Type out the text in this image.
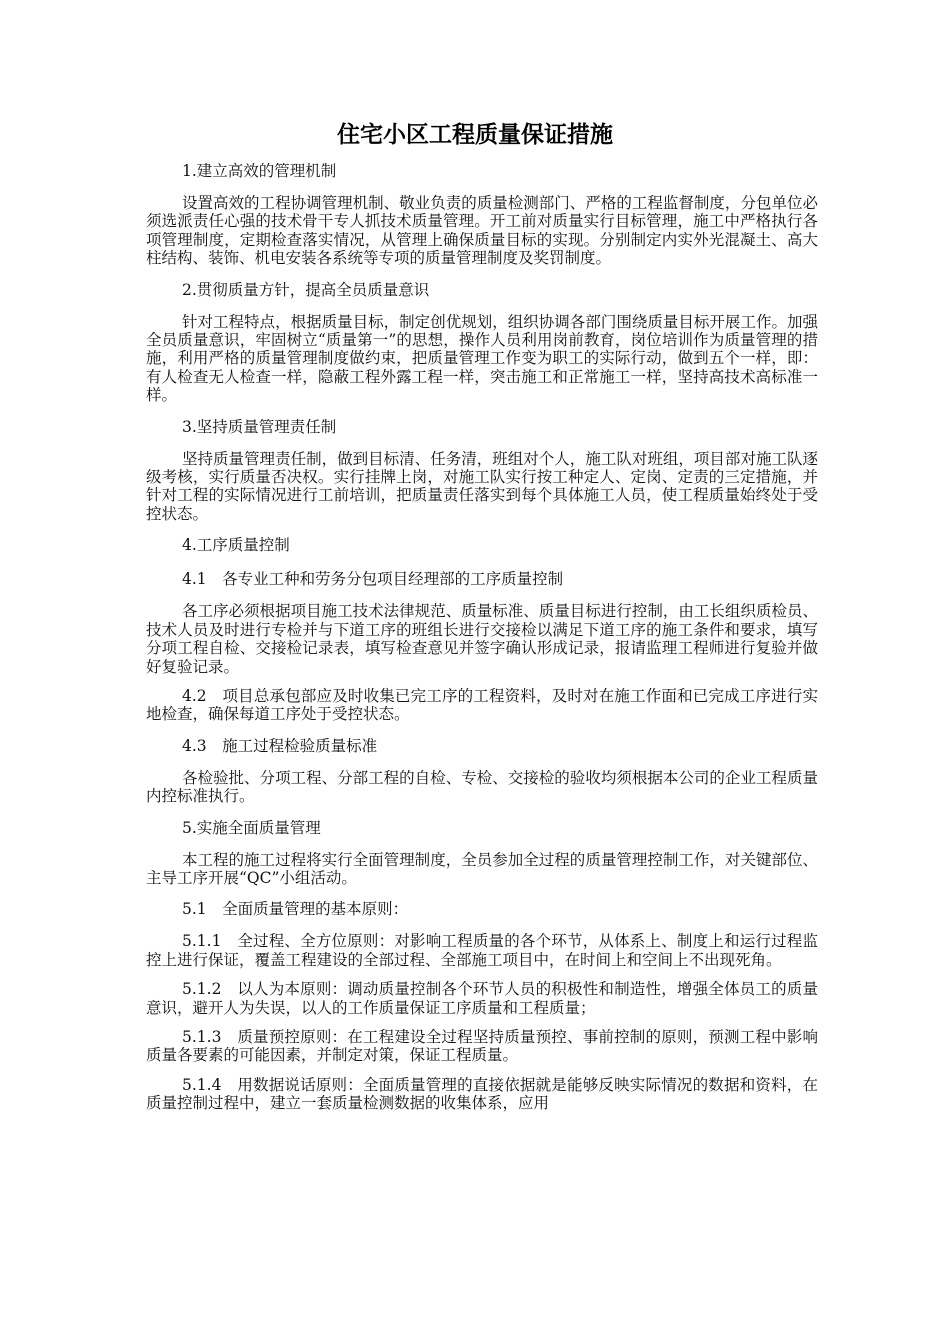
住宅小区工程质量保证措施

1.建立高效的管理机制

设置高效的工程协调管理机制、敬业负责的质量检测部门、严格的工程监督制度，分包单位必须选派责任心强的技术骨干专人抓技术质量管理。开工前对质量实行目标管理，施工中严格执行各项管理制度，定期检查落实情况，从管理上确保质量目标的实现。分别制定内实外光混凝土、高大柱结构、装饰、机电安装各系统等专项的质量管理制度及奖罚制度。

2.贯彻质量方针，提高全员质量意识

针对工程特点，根据质量目标，制定创优规划，组织协调各部门围绕质量目标开展工作。加强全员质量意识，牢固树立“质量第一”的思想，操作人员利用岗前教育，岗位培训作为质量管理的措施，利用严格的质量管理制度做约束，把质量管理工作变为职工的实际行动，做到五个一样，即：有人检查无人检查一样，隐蔽工程外露工程一样，突击施工和正常施工一样，坚持高技术高标准一样。

3.坚持质量管理责任制

坚持质量管理责任制，做到目标清、任务清，班组对个人，施工队对班组，项目部对施工队逐级考核，实行质量否决权。实行挂牌上岗，对施工队实行按工种定人、定岗、定责的三定措施，并针对工程的实际情况进行工前培训，把质量责任落实到每个具体施工人员，使工程质量始终处于受控状态。

4.工序质量控制

4.1　各专业工种和劳务分包项目经理部的工序质量控制

各工序必须根据项目施工技术法律规范、质量标准、质量目标进行控制，由工长组织质检员、技术人员及时进行专检并与下道工序的班组长进行交接检以满足下道工序的施工条件和要求，填写分项工程自检、交接检记录表，填写检查意见并签字确认形成记录，报请监理工程师进行复验并做好复验记录。

4.2　项目总承包部应及时收集已完工序的工程资料，及时对在施工作面和已完成工序进行实地检查，确保每道工序处于受控状态。

4.3　施工过程检验质量标准

各检验批、分项工程、分部工程的自检、专检、交接检的验收均须根据本公司的企业工程质量内控标准执行。

5.实施全面质量管理

本工程的施工过程将实行全面管理制度，全员参加全过程的质量管理控制工作，对关键部位、主导工序开展“QC”小组活动。

5.1　全面质量管理的基本原则：

5.1.1　全过程、全方位原则：对影响工程质量的各个环节，从体系上、制度上和运行过程监控上进行保证，覆盖工程建设的全部过程、全部施工项目中，在时间上和空间上不出现死角。

5.1.2　以人为本原则：调动质量控制各个环节人员的积极性和制造性，增强全体员工的质量意识，避开人为失误，以人的工作质量保证工序质量和工程质量；

5.1.3　质量预控原则：在工程建设全过程坚持质量预控、事前控制的原则，预测工程中影响质量各要素的可能因素，并制定对策，保证工程质量。

5.1.4　用数据说话原则：全面质量管理的直接依据就是能够反映实际情况的数据和资料，在质量控制过程中，建立一套质量检测数据的收集体系，应用
